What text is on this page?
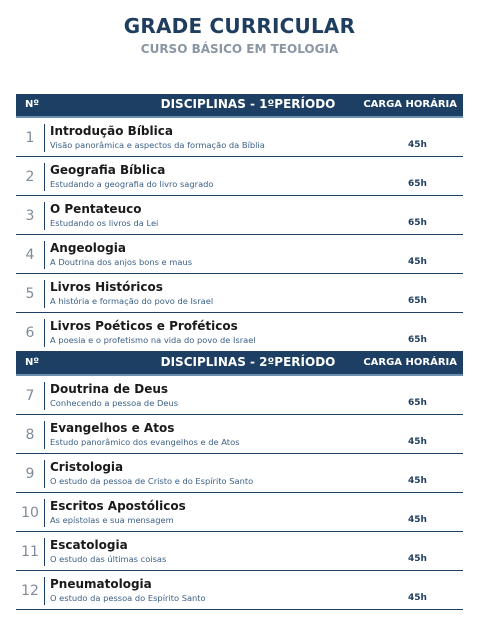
GRADE CURRICULAR
CURSO BÁSICO EM TEOLOGIA
Nº	DISCIPLINAS - 1ºPERÍODO	CARGA HORÁRIA
1	Introdução Bíblica
Visão panorâmica e aspectos da formação da Bíblia	45h
2	Geografia Bíblica
Estudando a geografia do livro sagrado	65h
3	O Pentateuco
Estudando os livros da Lei	65h
4	Angeologia
A Doutrina dos anjos bons e maus	45h
5	Livros Históricos
A história e formação do povo de Israel	65h
6	Livros Poéticos e Proféticos
A poesia e o profetismo na vida do povo de Israel	65h
Nº	DISCIPLINAS - 2ºPERÍODO	CARGA HORÁRIA
7	Doutrina de Deus
Conhecendo a pessoa de Deus	65h
8	Evangelhos e Atos
Estudo panorâmico dos evangelhos e de Atos	45h
9	Cristologia
O estudo da pessoa de Cristo e do Espírito Santo	45h
10 Escritos Apostólicos
As epístolas e sua mensagem	45h
11 Escatologia
O estudo das últimas coisas	45h
12 Pneumatologia
O estudo da pessoa do Espírito Santo	45h
